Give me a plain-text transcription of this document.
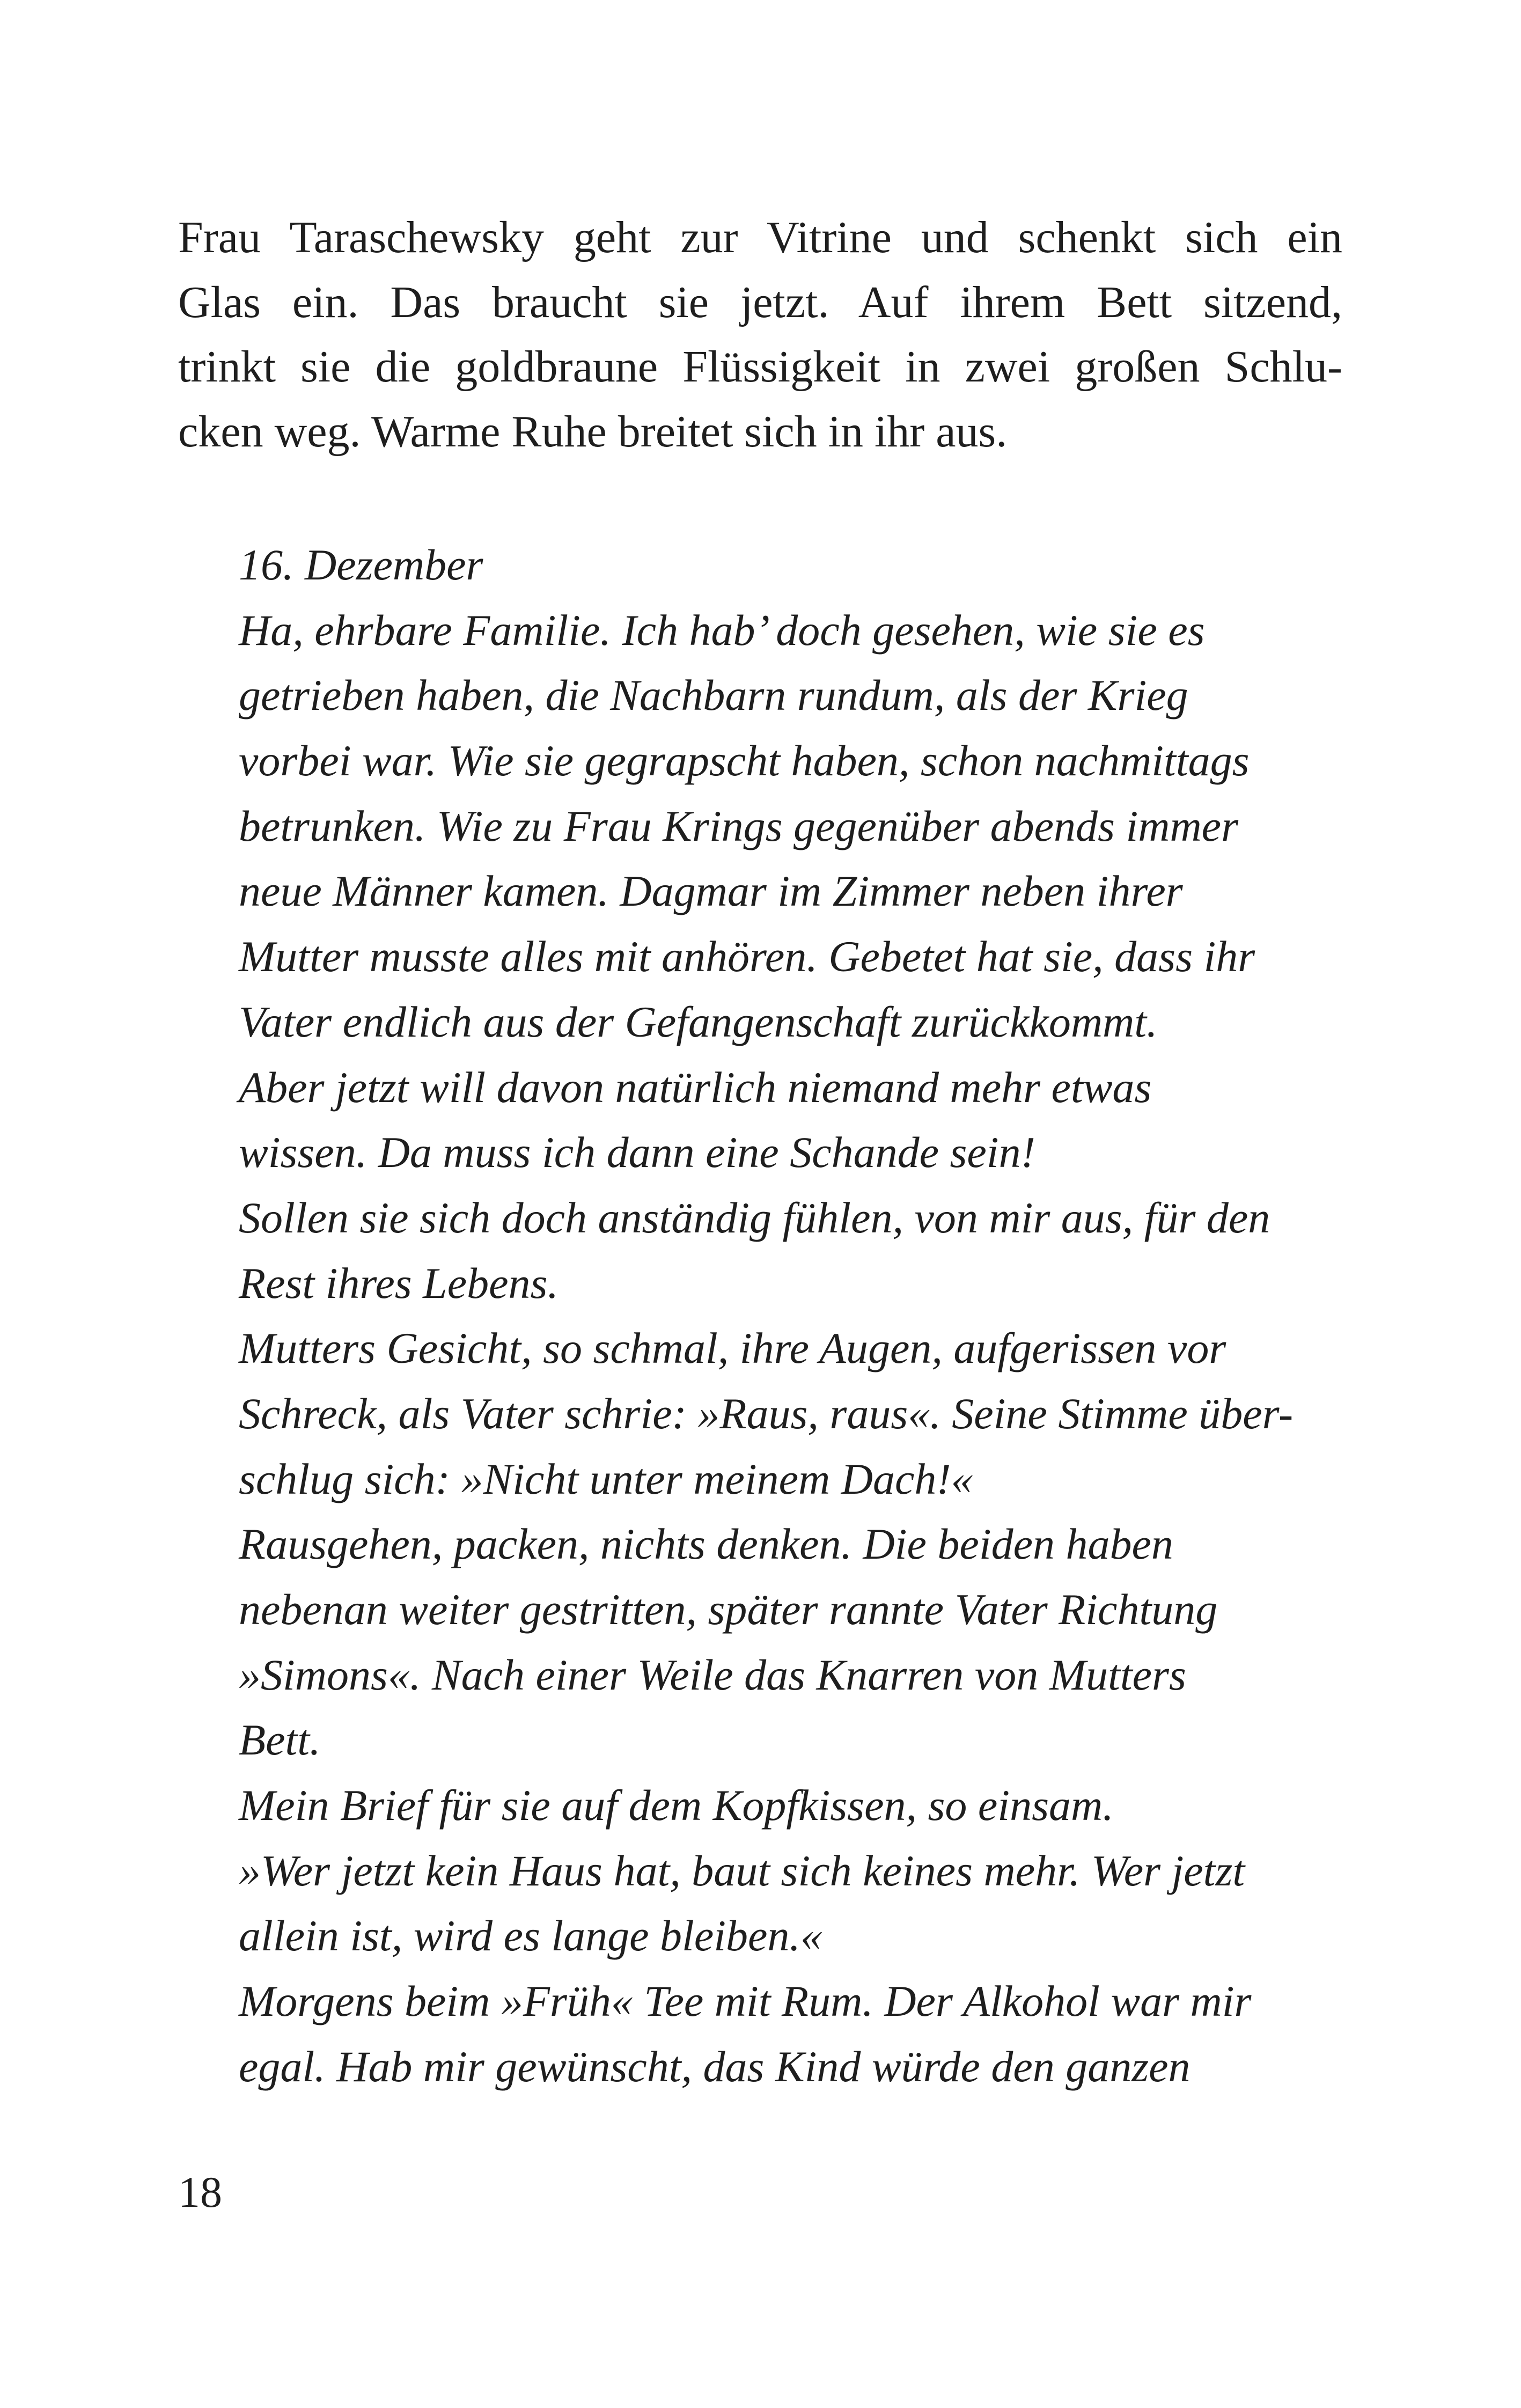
Frau Taraschewsky geht zur Vitrine und schenkt sich ein
Glas ein. Das braucht sie jetzt. Auf ihrem Bett sitzend,
trinkt sie die goldbraune Flüssigkeit in zwei großen Schlu-
cken weg. Warme Ruhe breitet sich in ihr aus.
16. Dezember
Ha, ehrbare Familie. Ich hab’ doch gesehen, wie sie es
getrieben haben, die Nachbarn rundum, als der Krieg
vorbei war. Wie sie gegrapscht haben, schon nachmittags
betrunken. Wie zu Frau Krings gegenüber abends immer
neue Männer kamen. Dagmar im Zimmer neben ihrer
Mutter musste alles mit anhören. Gebetet hat sie, dass ihr
Vater endlich aus der Gefangenschaft zurückkommt.
Aber jetzt will davon natürlich niemand mehr etwas
wissen. Da muss ich dann eine Schande sein!
Sollen sie sich doch anständig fühlen, von mir aus, für den
Rest ihres Lebens.
Mutters Gesicht, so schmal, ihre Augen, aufgerissen vor
Schreck, als Vater schrie: »Raus, raus«. Seine Stimme über-
schlug sich: »Nicht unter meinem Dach!«
Rausgehen, packen, nichts denken. Die beiden haben
nebenan weiter gestritten, später rannte Vater Richtung
»Simons«. Nach einer Weile das Knarren von Mutters
Bett.
Mein Brief für sie auf dem Kopfkissen, so einsam.
»Wer jetzt kein Haus hat, baut sich keines mehr. Wer jetzt
allein ist, wird es lange bleiben.«
Morgens beim »Früh« Tee mit Rum. Der Alkohol war mir
egal. Hab mir gewünscht, das Kind würde den ganzen
18
